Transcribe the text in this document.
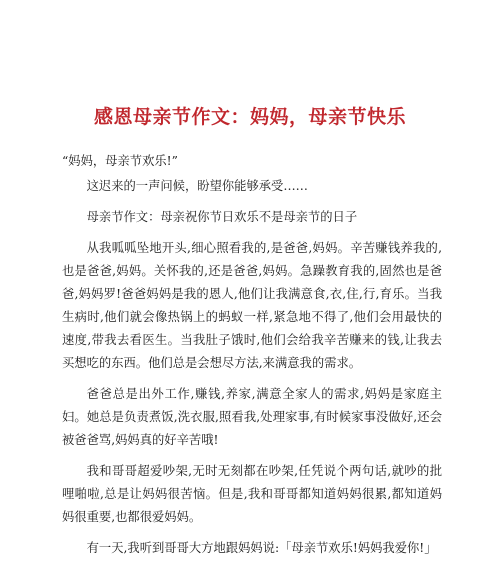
感恩母亲节作文：妈妈，母亲节快乐

“妈妈，母亲节欢乐!”

这迟来的一声问候，盼望你能够承受……

母亲节作文：母亲祝你节日欢乐不是母亲节的日子

从我呱呱坠地开头,细心照看我的,是爸爸,妈妈。辛苦赚钱养我的,也是爸爸,妈妈。关怀我的,还是爸爸,妈妈。急躁教育我的,固然也是爸爸,妈妈罗!爸爸妈妈是我的恩人,他们让我满意食,衣,住,行,育乐。当我生病时,他们就会像热锅上的蚂蚁一样,紧急地不得了,他们会用最快的速度,带我去看医生。当我肚子饿时,他们会给我辛苦赚来的钱,让我去买想吃的东西。他们总是会想尽方法,来满意我的需求。

爸爸总是出外工作,赚钱,养家,满意全家人的需求,妈妈是家庭主妇。她总是负责煮饭,洗衣服,照看我,处理家事,有时候家事没做好,还会被爸爸骂,妈妈真的好辛苦哦!

我和哥哥超爱吵架,无时无刻都在吵架,任凭说个两句话,就吵的批哩啪啦,总是让妈妈很苦恼。但是,我和哥哥都知道妈妈很累,都知道妈妈很重要,也都很爱妈妈。

有一天,我听到哥哥大方地跟妈妈说:「母亲节欢乐!妈妈我爱你!」
